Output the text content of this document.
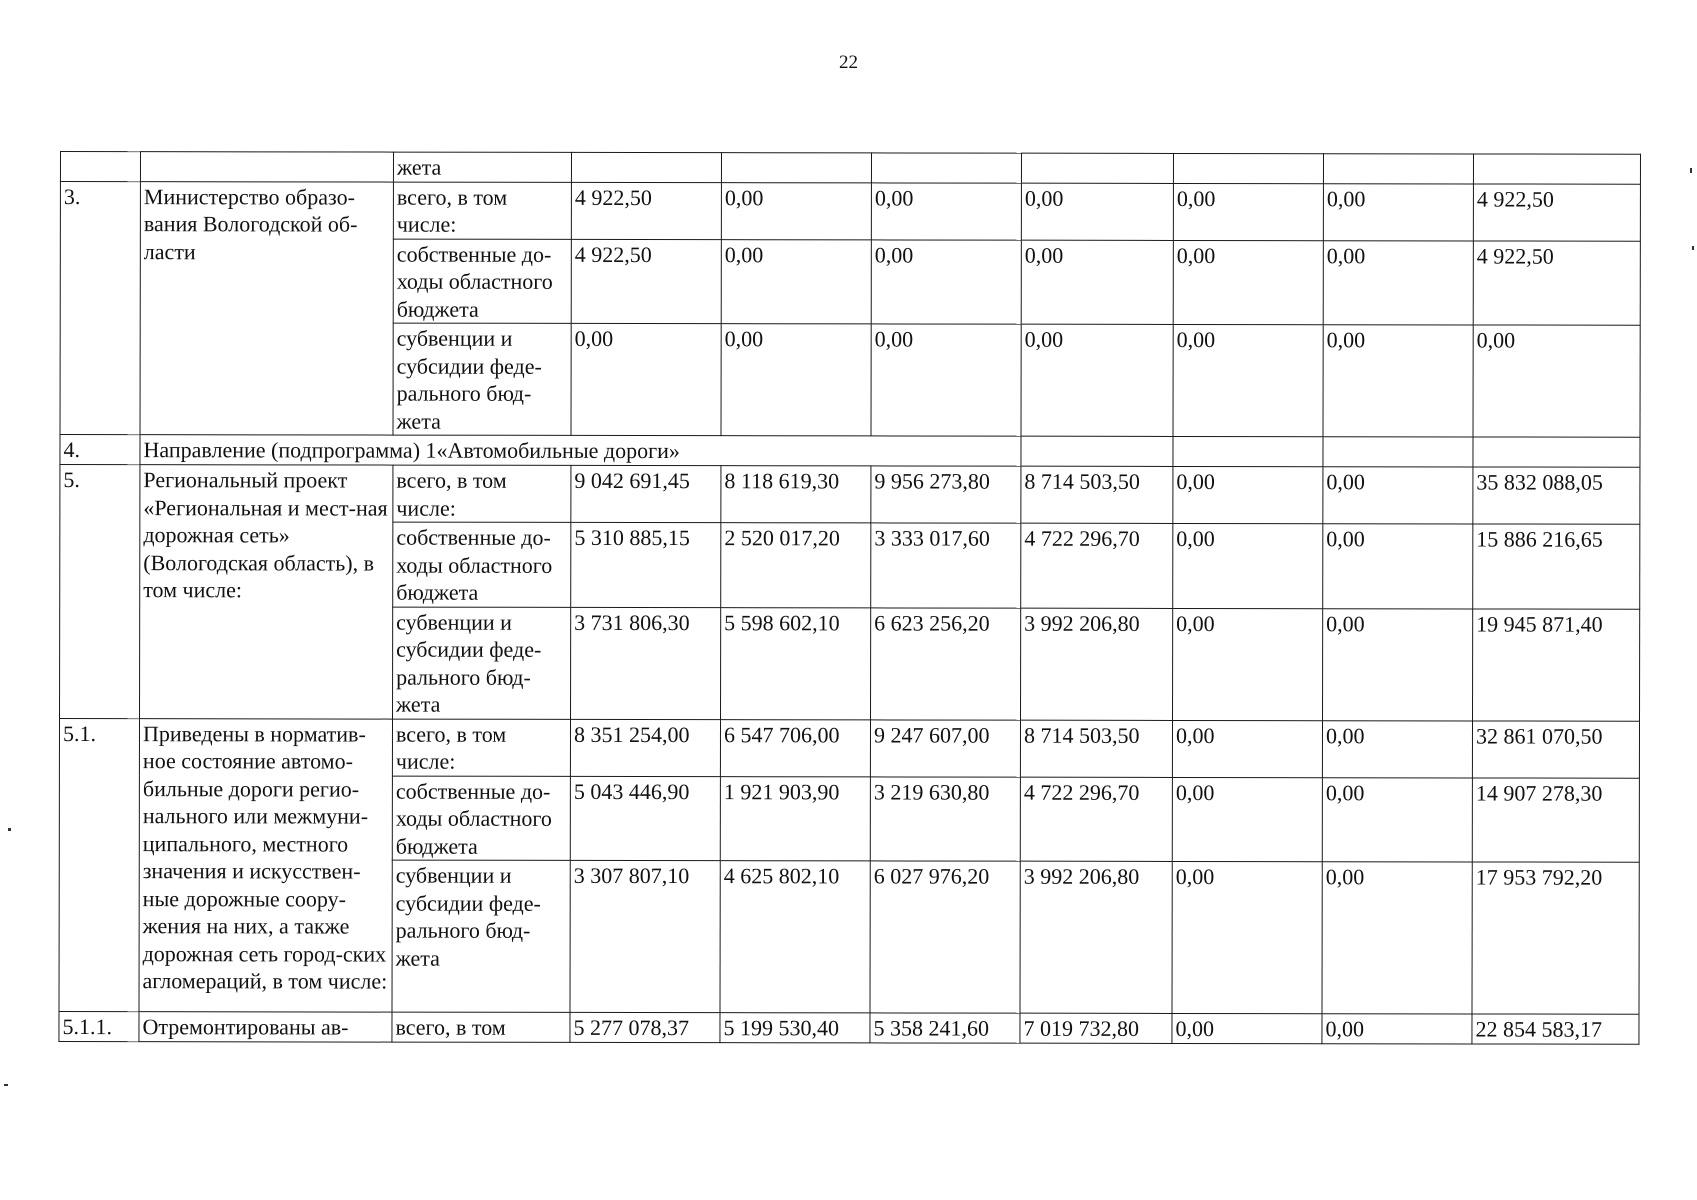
22
		жета							
3.	Министерство образо-вания Вологодской об-ласти	всего, в том числе:	4 922,50	0,00	0,00	0,00	0,00	0,00	4 922,50
		собственные до-ходы областного бюджета	4 922,50	0,00	0,00	0,00	0,00	0,00	4 922,50
		субвенции и субсидии феде-рального бюд-жета	0,00	0,00	0,00	0,00	0,00	0,00	0,00
4.	Направление (подпрограмма) 1«Автомобильные дороги»								
5.	Региональный проект «Региональная и мест-ная дорожная сеть» (Вологодская область), в том числе:	всего, в том числе:	9 042 691,45	8 118 619,30	9 956 273,80	8 714 503,50	0,00	0,00	35 832 088,05
		собственные до-ходы областного бюджета	5 310 885,15	2 520 017,20	3 333 017,60	4 722 296,70	0,00	0,00	15 886 216,65
		субвенции и субсидии феде-рального бюд-жета	3 731 806,30	5 598 602,10	6 623 256,20	3 992 206,80	0,00	0,00	19 945 871,40
5.1.	Приведены в норматив-ное состояние автомо-бильные дороги регио-нального или межмуни-ципального, местного значения и искусствен-ные дорожные соору-жения на них, а также дорожная сеть город-ских агломераций, в том числе:	всего, в том числе:	8 351 254,00	6 547 706,00	9 247 607,00	8 714 503,50	0,00	0,00	32 861 070,50
		собственные до-ходы областного бюджета	5 043 446,90	1 921 903,90	3 219 630,80	4 722 296,70	0,00	0,00	14 907 278,30
		субвенции и субсидии феде-рального бюд-жета	3 307 807,10	4 625 802,10	6 027 976,20	3 992 206,80	0,00	0,00	17 953 792,20
5.1.1.	Отремонтированы ав-	всего, в том	5 277 078,37	5 199 530,40	5 358 241,60	7 019 732,80	0,00	0,00	22 854 583,17
